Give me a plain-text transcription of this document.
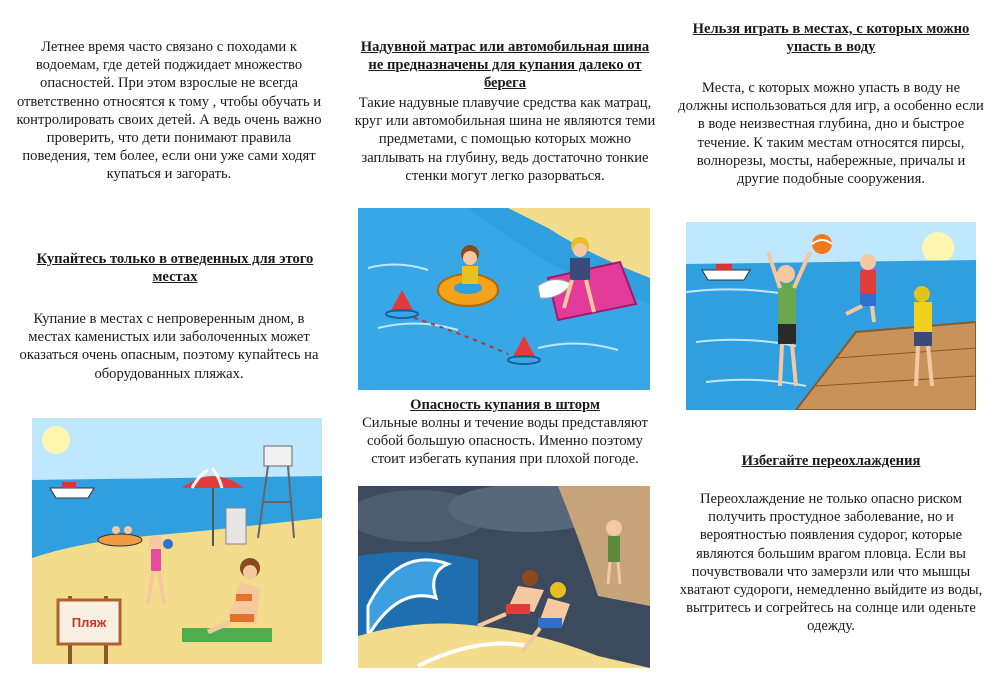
Летнее время часто связано с походами к водоемам, где детей поджидает множество опасностей. При этом взрослые не всегда ответственно относятся к тому , чтобы обучать и контролировать своих детей. А ведь очень важно проверить, что дети понимают правила поведения, тем более, если они уже сами ходят купаться и загорать.

Купайтесь только в отведенных для этого местах

Купание в местах с непроверенным дном, в местах каменистых или заболоченных может оказаться очень опасным, поэтому купайтесь на оборудованных пляжах.

Пляж

Надувной матрас или автомобильная шина не предназначены для купания далеко от берега

Такие надувные плавучие средства как матрац, круг или автомобильная шина не являются теми предметами, с помощью которых можно заплывать на глубину, ведь достаточно тонкие стенки могут легко разорваться.

Опасность купания в шторм

Сильные волны и течение воды представляют собой большую опасность. Именно поэтому стоит избегать купания при плохой погоде.

Нельзя играть в местах, с которых можно упасть в воду

Места, с которых можно упасть в воду не должны использоваться для игр, а особенно если в воде неизвестная глубина, дно и быстрое течение. К таким местам относятся пирсы, волнорезы, мосты, набережные, причалы и другие подобные сооружения.

Избегайте переохлаждения

Переохлаждение не только опасно риском получить простудное заболевание, но и вероятностью появления судорог, которые являются большим врагом пловца. Если вы почувствовали что замерзли или что мышцы хватают судороги, немедленно выйдите из воды, вытритесь и согрейтесь на солнце или оденьте одежду.
